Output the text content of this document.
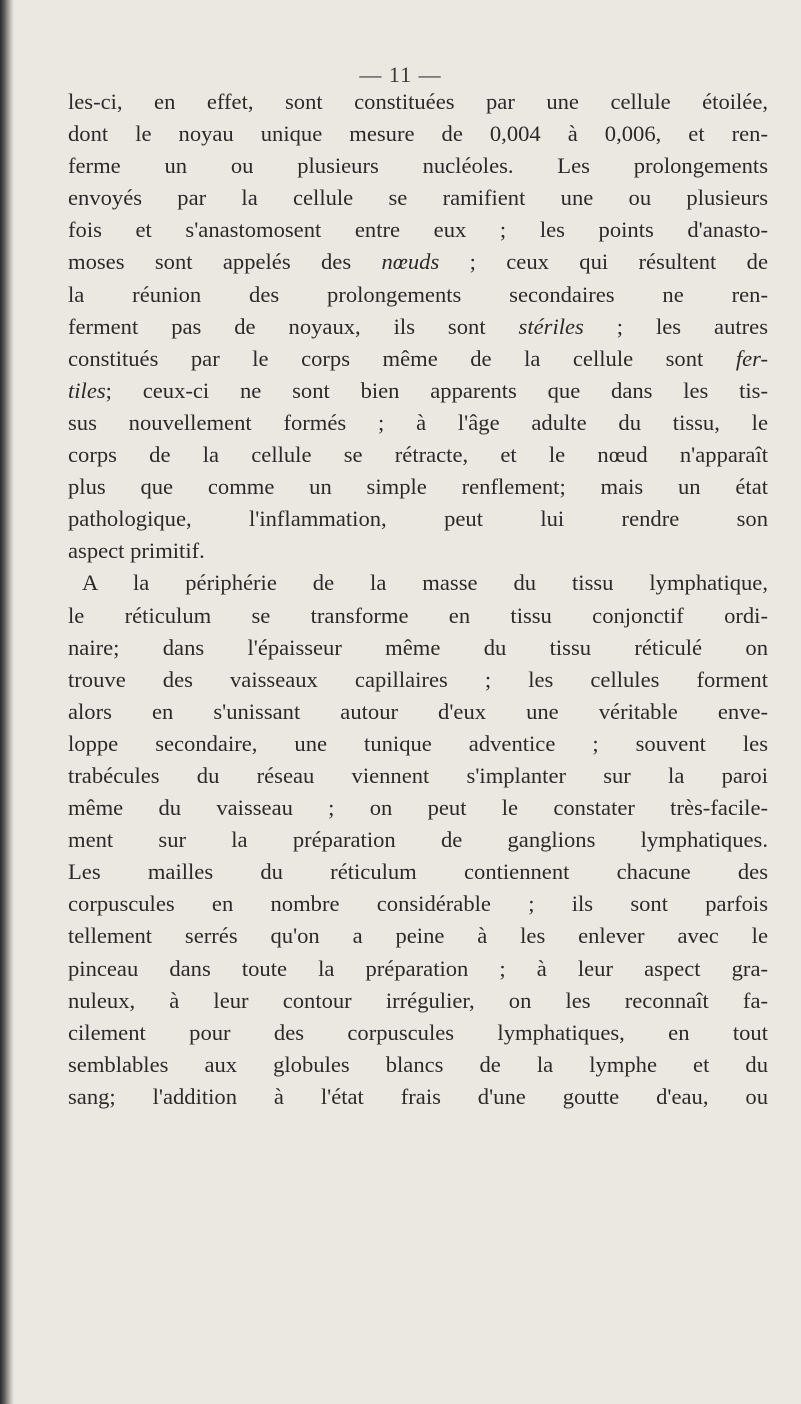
— 11 —
les-ci, en effet, sont constituées par une cellule étoilée,
dont le noyau unique mesure de 0,004 à 0,006, et ren-
ferme un ou plusieurs nucléoles. Les prolongements
envoyés par la cellule se ramifient une ou plusieurs
fois et s'anastomosent entre eux ; les points d'anasto-
moses sont appelés des nœuds ; ceux qui résultent de
la réunion des prolongements secondaires ne ren-
ferment pas de noyaux, ils sont stériles ; les autres
constitués par le corps même de la cellule sont fer-
tiles; ceux-ci ne sont bien apparents que dans les tis-
sus nouvellement formés ; à l'âge adulte du tissu, le
corps de la cellule se rétracte, et le nœud n'apparaît
plus que comme un simple renflement; mais un état
pathologique, l'inflammation, peut lui rendre son
aspect primitif.
A la périphérie de la masse du tissu lymphatique,
le réticulum se transforme en tissu conjonctif ordi-
naire; dans l'épaisseur même du tissu réticulé on
trouve des vaisseaux capillaires ; les cellules forment
alors en s'unissant autour d'eux une véritable enve-
loppe secondaire, une tunique adventice ; souvent les
trabécules du réseau viennent s'implanter sur la paroi
même du vaisseau ; on peut le constater très-facile-
ment sur la préparation de ganglions lymphatiques.
Les mailles du réticulum contiennent chacune des
corpuscules en nombre considérable ; ils sont parfois
tellement serrés qu'on a peine à les enlever avec le
pinceau dans toute la préparation ; à leur aspect gra-
nuleux, à leur contour irrégulier, on les reconnaît fa-
cilement pour des corpuscules lymphatiques, en tout
semblables aux globules blancs de la lymphe et du
sang; l'addition à l'état frais d'une goutte d'eau, ou
